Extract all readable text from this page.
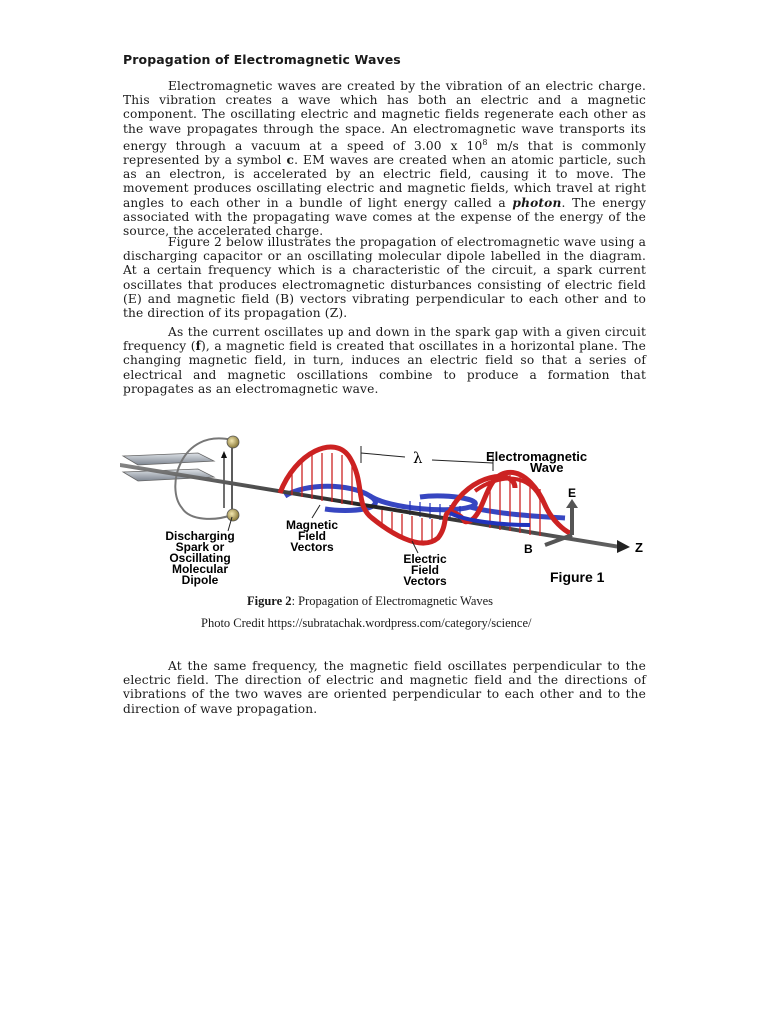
Propagation of Electromagnetic Waves
Electromagnetic waves are created by the vibration of an electric charge. This vibration creates a wave which has both an electric and a magnetic component. The oscillating electric and magnetic fields regenerate each other as the wave propagates through the space. An electromagnetic wave transports its energy through a vacuum at a speed of 3.00 x $10^8$ m/s that is commonly represented by a symbol c. EM waves are created when an atomic particle, such as an electron, is accelerated by an electric field, causing it to move. The movement produces oscillating electric and magnetic fields, which travel at right angles to each other in a bundle of light energy called a photon. The energy associated with the propagating wave comes at the expense of the energy of the source, the accelerated charge.
Figure 2 below illustrates the propagation of electromagnetic wave using a discharging capacitor or an oscillating molecular dipole labelled in the diagram. At a certain frequency which is a characteristic of the circuit, a spark current oscillates that produces electromagnetic disturbances consisting of electric field (E) and magnetic field (B) vectors vibrating perpendicular to each other and to the direction of its propagation (Z).
As the current oscillates up and down in the spark gap with a given circuit frequency (f), a magnetic field is created that oscillates in a horizontal plane. The changing magnetic field, in turn, induces an electric field so that a series of electrical and magnetic oscillations combine to produce a formation that propagates as an electromagnetic wave.
λ	Electromagnetic
Wave
E
B	Z
Figure 1
Discharging
Spark or
Oscillating
Molecular
Dipole
Magnetic
Field
Vectors
Electric
Field
Vectors
Figure 2: Propagation of Electromagnetic Waves
Photo Credit https://subratachak.wordpress.com/category/science/
At the same frequency, the magnetic field oscillates perpendicular to the electric field. The direction of electric and magnetic field and the directions of vibrations of the two waves are oriented perpendicular to each other and to the direction of wave propagation.
